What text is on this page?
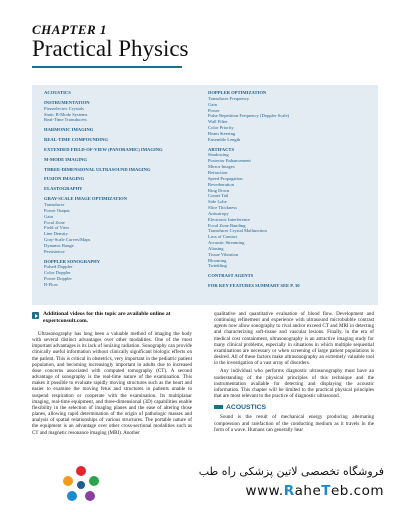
CHAPTER 1
Practical Physics
ACOUSTICS
INSTRUMENTATION
Piezoelectric Crystals
Static B-Mode Systems
Real-Time Transducers
HARMONIC IMAGING
REAL-TIME COMPOUNDING
EXTENDED FIELD-OF-VIEW (PANORAMIC) IMAGING
M-MODE IMAGING
THREE-DIMENSIONAL ULTRASOUND IMAGING
FUSION IMAGING
ELASTOGRAPHY
GRAY-SCALE IMAGE OPTIMIZATION
Transducer
Power Output
Gain
Focal Zone
Field of View
Line Density
Gray-Scale Curves/Maps
Dynamic Range
Persistence
DOPPLER SONOGRAPHY
Pulsed Doppler
Color Doppler
Power Doppler
B-Flow
DOPPLER OPTIMIZATION
Transducer Frequency
Gain
Power
Pulse Repetition Frequency (Doppler Scale)
Wall Filter
Color Priority
Beam Steering
Ensemble Length
ARTIFACTS
Shadowing
Posterior Enhancement
Mirror Images
Refraction
Speed Propagation
Reverberation
Ring Down
Comet Tail
Side Lobe
Slice Thickness
Anisotropy
Electronic Interference
Focal Zone Banding
Transducer Crystal Malfunction
Loss of Contact
Acoustic Streaming
Aliasing
Tissue Vibration
Blooming
Twinkling
CONTRAST AGENTS
FOR KEY FEATURES SUMMARY SEE P. 30
Additional videos for this topic are available online at expertconsult.com.

Ultrasonography has long been a valuable method of imaging the body with several distinct advantages over other modalities. One of the most important advantages is its lack of ionizing radiation. Sonography can provide clinically useful information without clinically significant biologic effects on the patient. This is critical in obstetrics, very important in the pediatric patient population, and becoming increasingly important in adults due to increased dose concerns associated with computed tomography (CT). A second advantage of sonography is the real-time nature of the examination. This makes it possible to evaluate rapidly moving structures such as the heart and easier to examine the moving fetus and structures in patients unable to suspend respiration or cooperate with the examination. Its multiplanar imaging, real-time equipment, and three-dimensional (3D) capabilities enable flexibility in the selection of imaging planes and the ease of altering those planes, allowing rapid determination of the origin of pathologic masses and analysis of spatial relationships of various structures. The portable nature of the equipment is an advantage over other cross-sectional modalities such as CT and magnetic resonance imaging (MRI). Another

qualitative and quantitative evaluation of blood flow. Development and continuing refinement and experience with ultrasound microbubble contrast agents now allow sonography to rival and/or exceed CT and MRI in detecting and characterizing soft-tissue and vascular lesions. Finally, in the era of medical cost containment, ultrasonography is an attractive imaging study for many clinical problems, especially in situations in which multiple sequential examinations are necessary or when screening of large patient populations is desired. All of these factors make ultrasonography an extremely valuable tool in the investigation of a vast array of disorders.

Any individual who performs diagnostic ultrasonography must have an understanding of the physical principles of this technique and the instrumentation available for detecting and displaying the acoustic information. This chapter will be limited to the practical physical principles that are most relevant to the practice of diagnostic ultrasound.

ACOUSTICS

Sound is the result of mechanical energy producing alternating compression and rarefaction of the conducting medium as it travels in the form of a wave. Humans can generally hear

فروشگاه تخصصی لاتین پزشکی راه طب
www.RaheTeb.com
